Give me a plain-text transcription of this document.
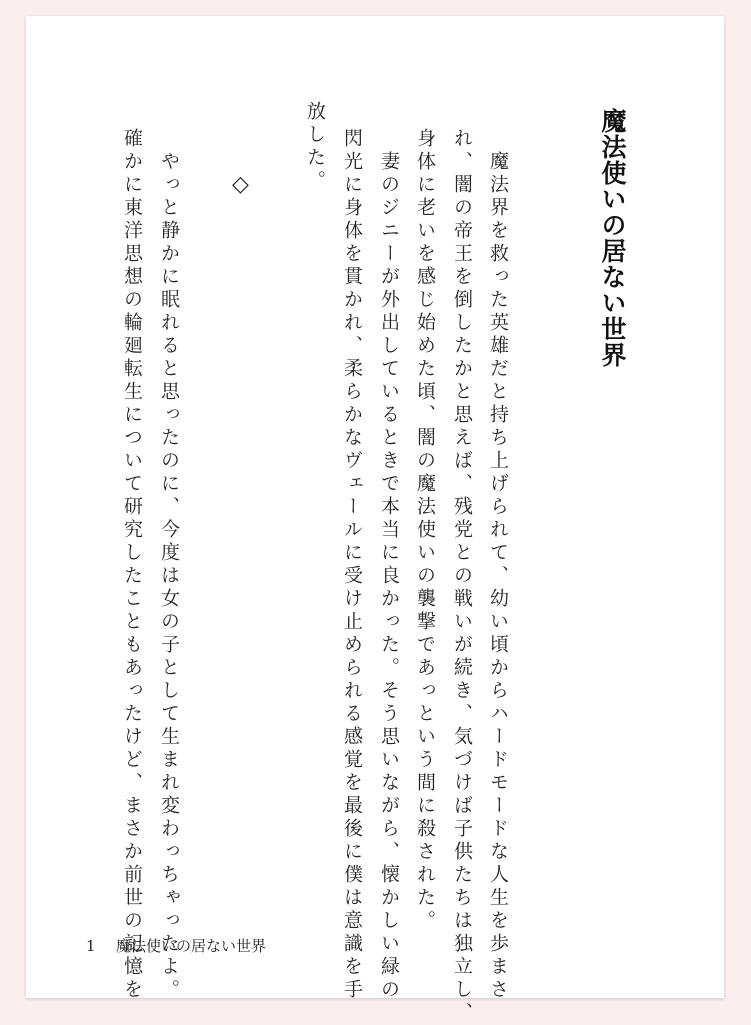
魔法使いの居ない世界
　魔法界を救った英雄だと持ち上げられて、幼い頃からハードモードな人生を歩まさ
れ、闇の帝王を倒したかと思えば、残党との戦いが続き、気づけば子供たちは独立し、
身体に老いを感じ始めた頃、闇の魔法使いの襲撃であっという間に殺された。
　妻のジニーが外出しているときで本当に良かった。そう思いながら、懐かしい緑の
閃光に身体を貫かれ、柔らかなヴェールに受け止められる感覚を最後に僕は意識を手
放した。
◇
　やっと静かに眠れると思ったのに、今度は女の子として生まれ変わっちゃったよ。
確かに東洋思想の輪廻転生について研究したこともあったけど、まさか前世の記憶を
1 魔法使いの居ない世界
